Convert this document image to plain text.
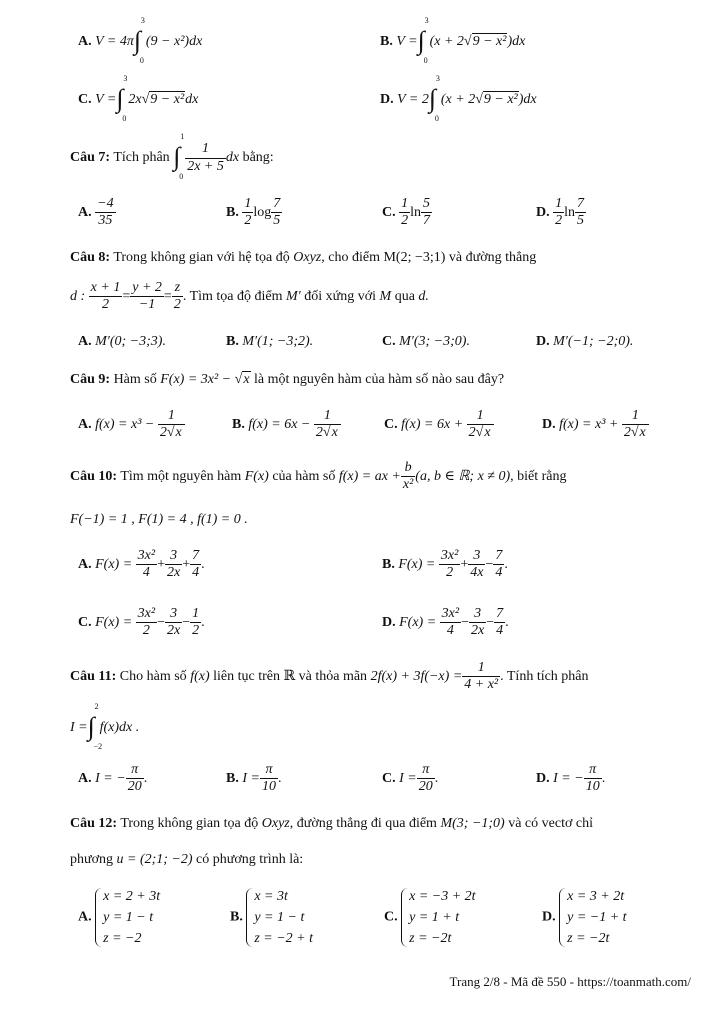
A. V = 4π ∫
3
0
(9 − x²)dx	B. V = ∫
3
0
(x + 2√9 − x²)dx
C. V = ∫
3
0
2x√9 − x²dx	D. V = 2 ∫
3
0
(x + 2√9 − x²)dx
Câu 7: Tích phân ∫
1
0
$\frac{1}{2x + 5}$ dx bằng:
A. $\frac{-4}{35}$	B. $\frac{1}{2}$ $\log \frac{7}{5}$	C. $\frac{1}{2}$ $\ln \frac{5}{7}$	D. $\frac{1}{2}$ $\ln \frac{7}{5}$
Câu 8: Trong không gian với hệ tọa độ Oxyz, cho điểm M(2; −3;1) và đường thẳng
d : $\frac{x + 1}{2} = \frac{y + 2}{-1} = \frac{z}{2}$ . Tìm tọa độ điểm M′ đối xứng với M qua d.
A. M′(0; −3;3).	B. M′(1; −3;2).	C. M′(3; −3;0).	D. M′(−1; −2;0).
Câu 9: Hàm số F(x) = 3x² − √x là một nguyên hàm của hàm số nào sau đây?
A. $f(x) = x^3 - \frac{1}{2√x}$	B. $f(x) = 6x - \frac{1}{2√x}$	C. $f(x) = 6x + \frac{1}{2√x}$	D. $f(x) = x^3 + \frac{1}{2√x}$
Câu 10: Tìm một nguyên hàm F(x) của hàm số f(x) = ax + $\frac{b}{\text{x²}} (a$, b ∈ ℝ; x ≠ 0), biết rằng
F(−1) = 1 , F(1) = 4 , f(1) = 0 .
A. $F(x) = \frac{\text{3x²}}{4} + \frac{3}{2x} + \frac{7}{4}$ .	B. $F(x) = \frac{\text{3x²}}{2} + \frac{3}{4x} - \frac{7}{4}$ .
C. $F(x) = \frac{\text{3x²}}{2} - \frac{3}{2x} - \frac{1}{2}$ .	D. $F(x) = \frac{\text{3x²}}{4} - \frac{3}{2x} - \frac{7}{4}$ .
Câu 11: Cho hàm số f(x) liên tục trên ℝ và thỏa mãn $2f(x) + 3f(-x) = \frac{1}{\text{4 + x²}}$ . Tính tích phân
I = ∫
2
−2
f(x)dx .
A. I = − $\frac{\pi}{20}$ .	B. $I = \frac{\pi}{10}$ .	C. $I = \frac{\pi}{20}$ .	D. I = − $\frac{\pi}{10}$ .
Câu 12: Trong không gian tọa độ Oxyz, đường thẳng đi qua điểm M(3; −1;0) và có vectơ chỉ
phương u = (2;1; −2) có phương trình là:
A. x = 2 + 3t
y = 1 − t
z = −2
B. x = 3t
y = 1 − t
z = −2 + t
C. x = −3 + 2t
y = 1 + t
z = −2t
D. x = 3 + 2t
y = −1 + t
z = −2t
Trang 2/8 - Mã đề 550 - https://toanmath.com/
